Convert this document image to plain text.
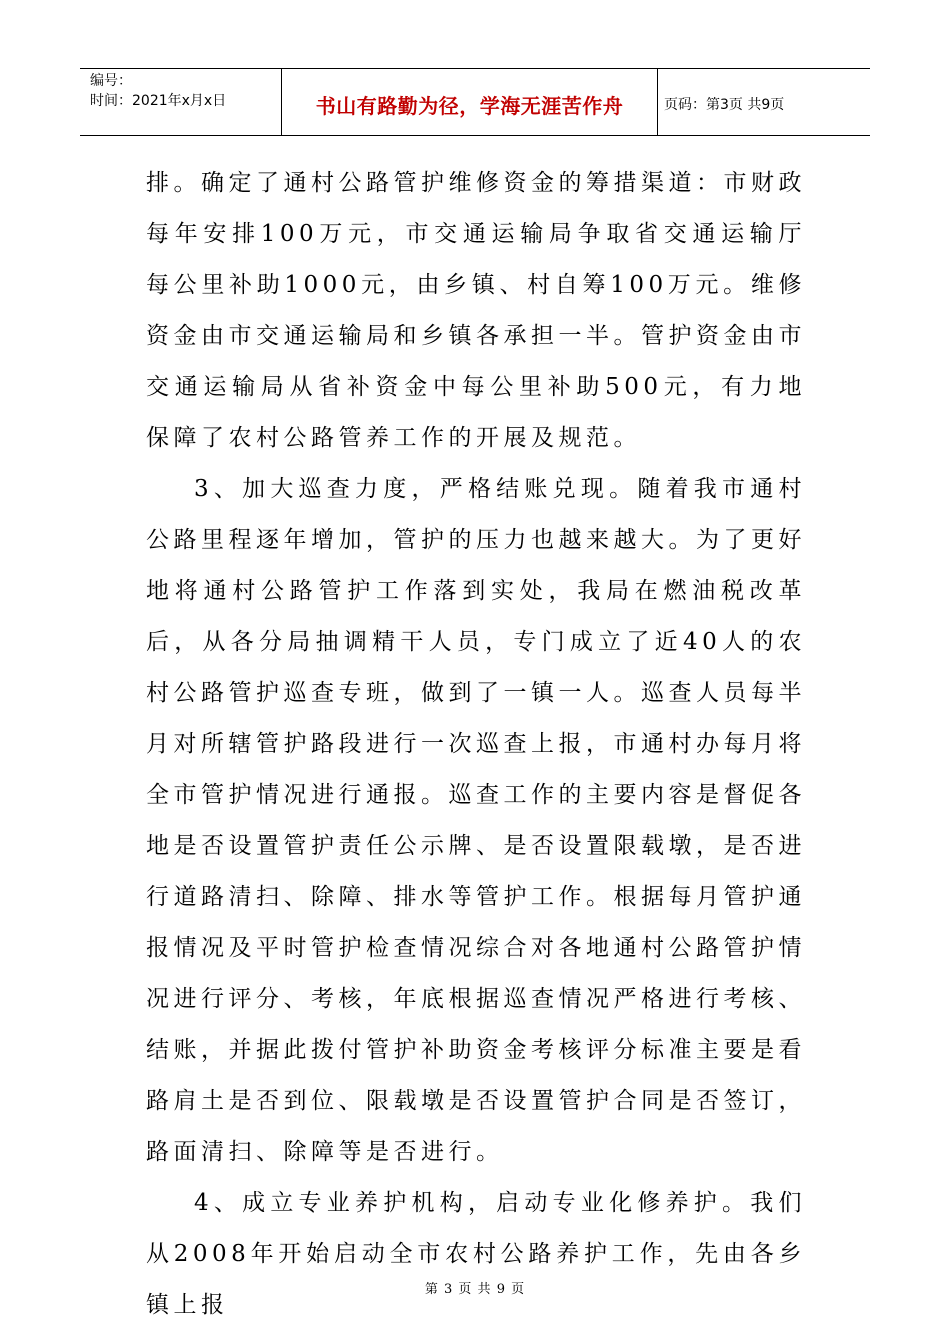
编号：
时间：2021年x月x日	书山有路勤为径，学海无涯苦作舟	页码：第3页 共9页

排。确定了通村公路管护维修资金的筹措渠道：市财政每年安排100万元，市交通运输局争取省交通运输厅每公里补助1000元，由乡镇、村自筹100万元。维修资金由市交通运输局和乡镇各承担一半。管护资金由市交通运输局从省补资金中每公里补助500元，有力地保障了农村公路管养工作的开展及规范。

3、加大巡查力度，严格结账兑现。随着我市通村公路里程逐年增加，管护的压力也越来越大。为了更好地将通村公路管护工作落到实处，我局在燃油税改革后，从各分局抽调精干人员，专门成立了近40人的农村公路管护巡查专班，做到了一镇一人。巡查人员每半月对所辖管护路段进行一次巡查上报，市通村办每月将全市管护情况进行通报。巡查工作的主要内容是督促各地是否设置管护责任公示牌、是否设置限载墩，是否进行道路清扫、除障、排水等管护工作。根据每月管护通报情况及平时管护检查情况综合对各地通村公路管护情况进行评分、考核，年底根据巡查情况严格进行考核、结账，并据此拨付管护补助资金考核评分标准主要是看路肩土是否到位、限载墩是否设置管护合同是否签订，路面清扫、除障等是否进行。

4、成立专业养护机构，启动专业化修养护。我们从2008年开始启动全市农村公路养护工作，先由各乡镇上报

第 3 页 共 9 页
